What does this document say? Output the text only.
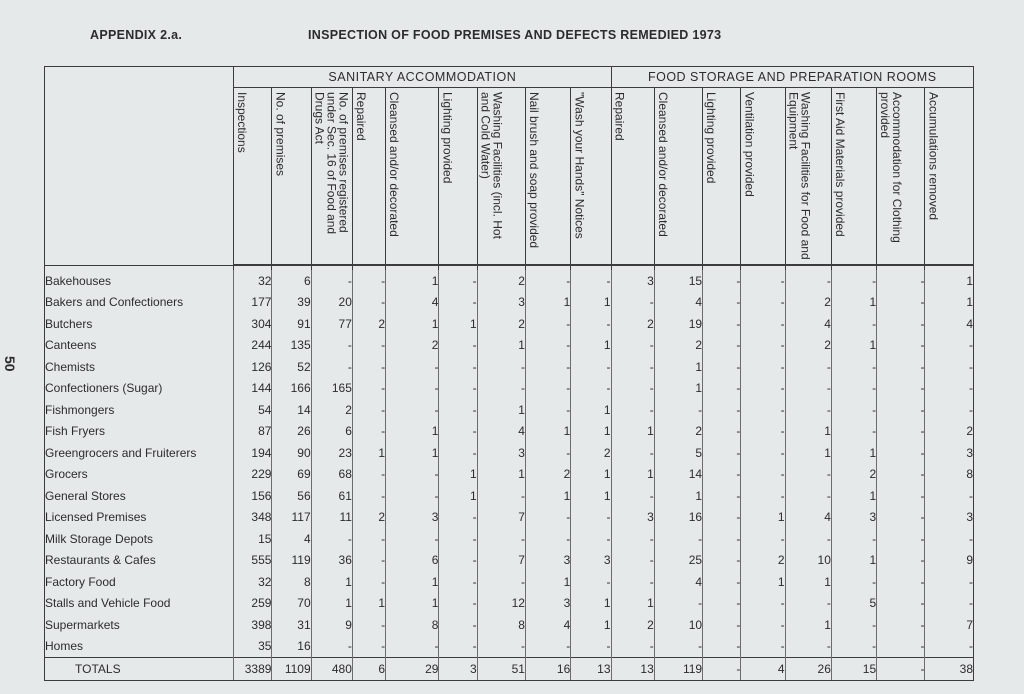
APPENDIX 2.a.	INSPECTION OF FOOD PREMISES AND DEFECTS REMEDIED 1973
50
	SANITARY ACCOMMODATION									FOOD STORAGE AND PREPARATION ROOMS							

	Inspections	No. of premises	No. of premises registered under Sec. 16 of Food and Drugs Act	Repaired	Cleansed and/or decorated	Lighting provided	Washing Facilities (incl. Hot and Cold Water)	Nail brush and soap provided	"Wash your Hands" Notices	Repaired	Cleansed and/or decorated	Lighting provided	Ventilation provided	Washing Facilities for Food and Equipment	First Aid Materials provided	Accommodation for Clothing provided	Accumulations removed

Bakehouses	32	6	-	-	1	-	2	-	-	3	15	-	-	-	-	-	1
Bakers and Confectioners	177	39	20	-	4	-	3	1	1	-	4	-	-	2	1	-	1
Butchers	304	91	77	2	1	1	2	-	-	2	19	-	-	4	-	-	4
Canteens	244	135	-	-	2	-	1	-	1	-	2	-	-	2	1	-	-
Chemists	126	52	-	-	-	-	-	-	-	-	1	-	-	-	-	-	-
Confectioners (Sugar)	144	166	165	-	-	-	-	-	-	-	1	-	-	-	-	-	-
Fishmongers	54	14	2	-	-	-	1	-	1	-	-	-	-	-	-	-	-
Fish Fryers	87	26	6	-	1	-	4	1	1	1	2	-	-	1	-	-	2
Greengrocers and Fruiterers	194	90	23	1	1	-	3	-	2	-	5	-	-	1	1	-	3
Grocers	229	69	68	-	-	1	1	2	1	1	14	-	-	-	2	-	8
General Stores	156	56	61	-	-	1	-	1	1	-	1	-	-	-	1	-	-
Licensed Premises	348	117	11	2	3	-	7	-	-	3	16	-	1	4	3	-	3
Milk Storage Depots	15	4	-	-	-	-	-	-	-	-	-	-	-	-	-	-	-
Restaurants & Cafes	555	119	36	-	6	-	7	3	3	-	25	-	2	10	1	-	9
Factory Food	32	8	1	-	1	-	-	1	-	-	4	-	1	1	-	-	-
Stalls and Vehicle Food	259	70	1	1	1	-	12	3	1	1	-	-	-	-	5	-	-
Supermarkets	398	31	9	-	8	-	8	4	1	2	10	-	-	1	-	-	7
Homes	35	16	-	-	-	-	-	-	-	-	-	-	-	-	-	-	-
TOTALS	3389	1109	480	6	29	3	51	16	13	13	119	-	4	26	15	-	38
